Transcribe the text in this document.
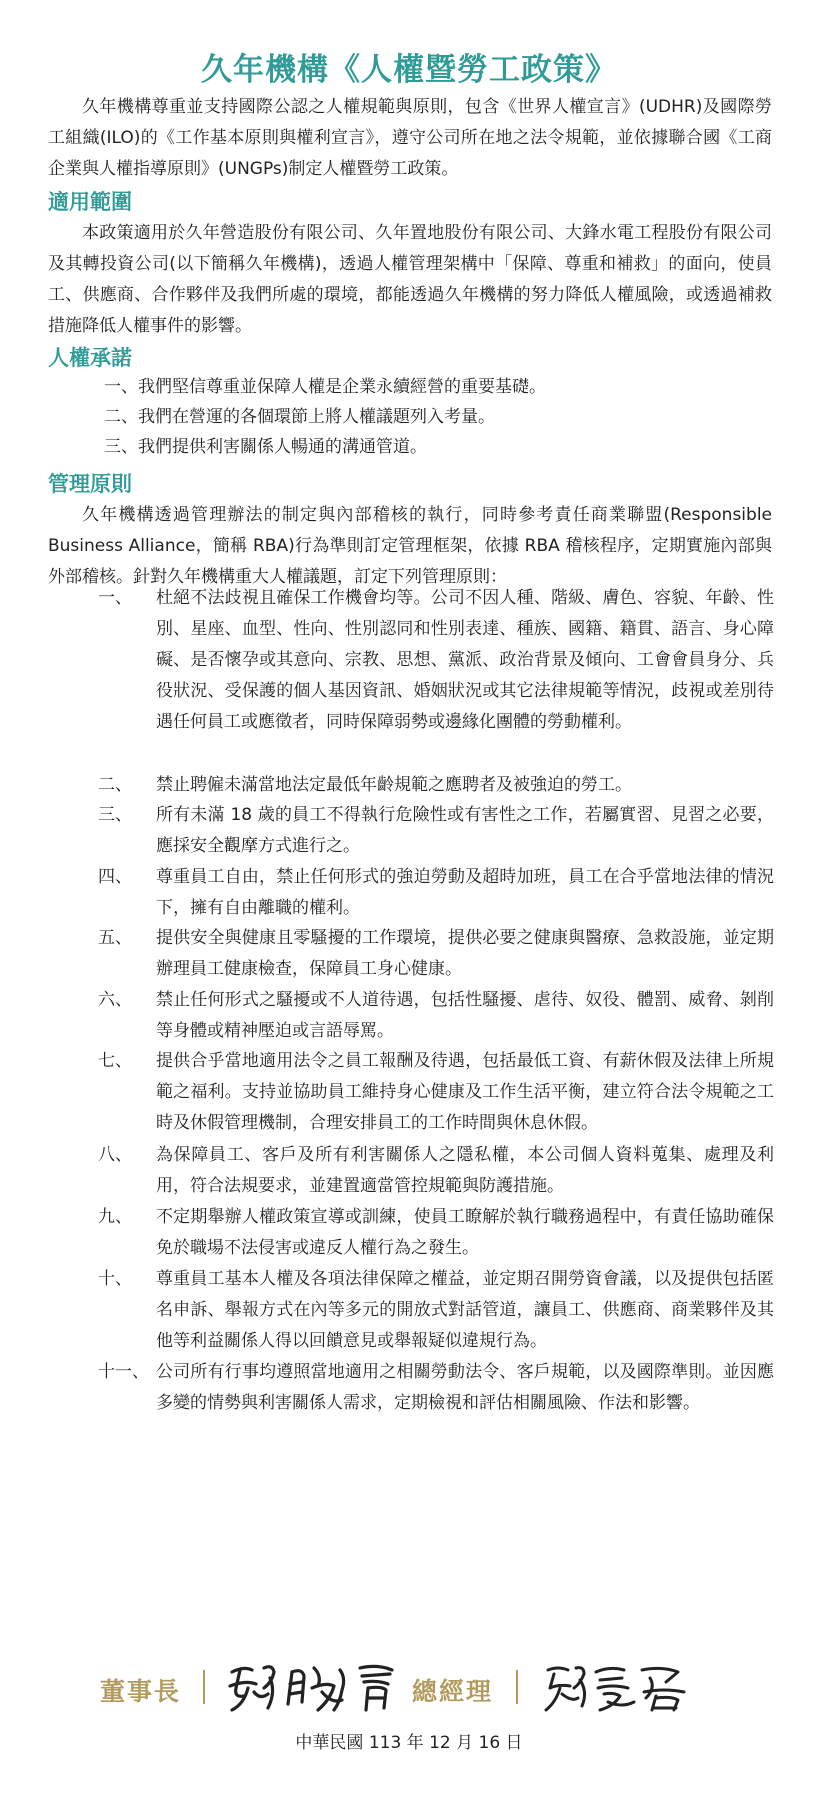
久年機構《人權暨勞工政策》
久年機構尊重並支持國際公認之人權規範與原則，包含《世界人權宣言》(UDHR)及國際勞工組織(ILO)的《工作基本原則與權利宣言》，遵守公司所在地之法令規範，並依據聯合國《工商企業與人權指導原則》(UNGPs)制定人權暨勞工政策。
適用範圍
本政策適用於久年營造股份有限公司、久年置地股份有限公司、大鋒水電工程股份有限公司及其轉投資公司(以下簡稱久年機構)，透過人權管理架構中「保障、尊重和補救」的面向，使員工、供應商、合作夥伴及我們所處的環境，都能透過久年機構的努力降低人權風險，或透過補救措施降低人權事件的影響。
人權承諾
一、我們堅信尊重並保障人權是企業永續經營的重要基礎。
二、我們在營運的各個環節上將人權議題列入考量。
三、我們提供利害關係人暢通的溝通管道。
管理原則
久年機構透過管理辦法的制定與內部稽核的執行，同時參考責任商業聯盟(Responsible Business Alliance，簡稱 RBA)行為準則訂定管理框架，依據 RBA 稽核程序，定期實施內部與外部稽核。針對久年機構重大人權議題，訂定下列管理原則：
一、	杜絕不法歧視且確保工作機會均等。公司不因人種、階級、膚色、容貌、年齡、性別、星座、血型、性向、性別認同和性別表達、種族、國籍、籍貫、語言、身心障礙、是否懷孕或其意向、宗教、思想、黨派、政治背景及傾向、工會會員身分、兵役狀況、受保護的個人基因資訊、婚姻狀況或其它法律規範等情況，歧視或差別待遇任何員工或應徵者，同時保障弱勢或邊緣化團體的勞動權利。
二、	禁止聘僱未滿當地法定最低年齡規範之應聘者及被強迫的勞工。
三、	所有未滿 18 歲的員工不得執行危險性或有害性之工作，若屬實習、見習之必要，應採安全觀摩方式進行之。
四、	尊重員工自由，禁止任何形式的強迫勞動及超時加班，員工在合乎當地法律的情況下，擁有自由離職的權利。
五、	提供安全與健康且零騷擾的工作環境，提供必要之健康與醫療、急救設施，並定期辦理員工健康檢查，保障員工身心健康。
六、	禁止任何形式之騷擾或不人道待遇，包括性騷擾、虐待、奴役、體罰、威脅、剝削等身體或精神壓迫或言語辱罵。
七、	提供合乎當地適用法令之員工報酬及待遇，包括最低工資、有薪休假及法律上所規範之福利。支持並協助員工維持身心健康及工作生活平衡，建立符合法令規範之工時及休假管理機制，合理安排員工的工作時間與休息休假。
八、	為保障員工、客戶及所有利害關係人之隱私權，本公司個人資料蒐集、處理及利用，符合法規要求，並建置適當管控規範與防護措施。
九、	不定期舉辦人權政策宣導或訓練，使員工瞭解於執行職務過程中，有責任協助確保免於職場不法侵害或違反人權行為之發生。
十、	尊重員工基本人權及各項法律保障之權益，並定期召開勞資會議，以及提供包括匿名申訴、舉報方式在內等多元的開放式對話管道，讓員工、供應商、商業夥伴及其他等利益關係人得以回饋意見或舉報疑似違規行為。
十一、 公司所有行事均遵照當地適用之相關勞動法令、客戶規範，以及國際準則。並因應多變的情勢與利害關係人需求，定期檢視和評估相關風險、作法和影響。
董事長	總經理
中華民國 113 年 12 月 16 日
